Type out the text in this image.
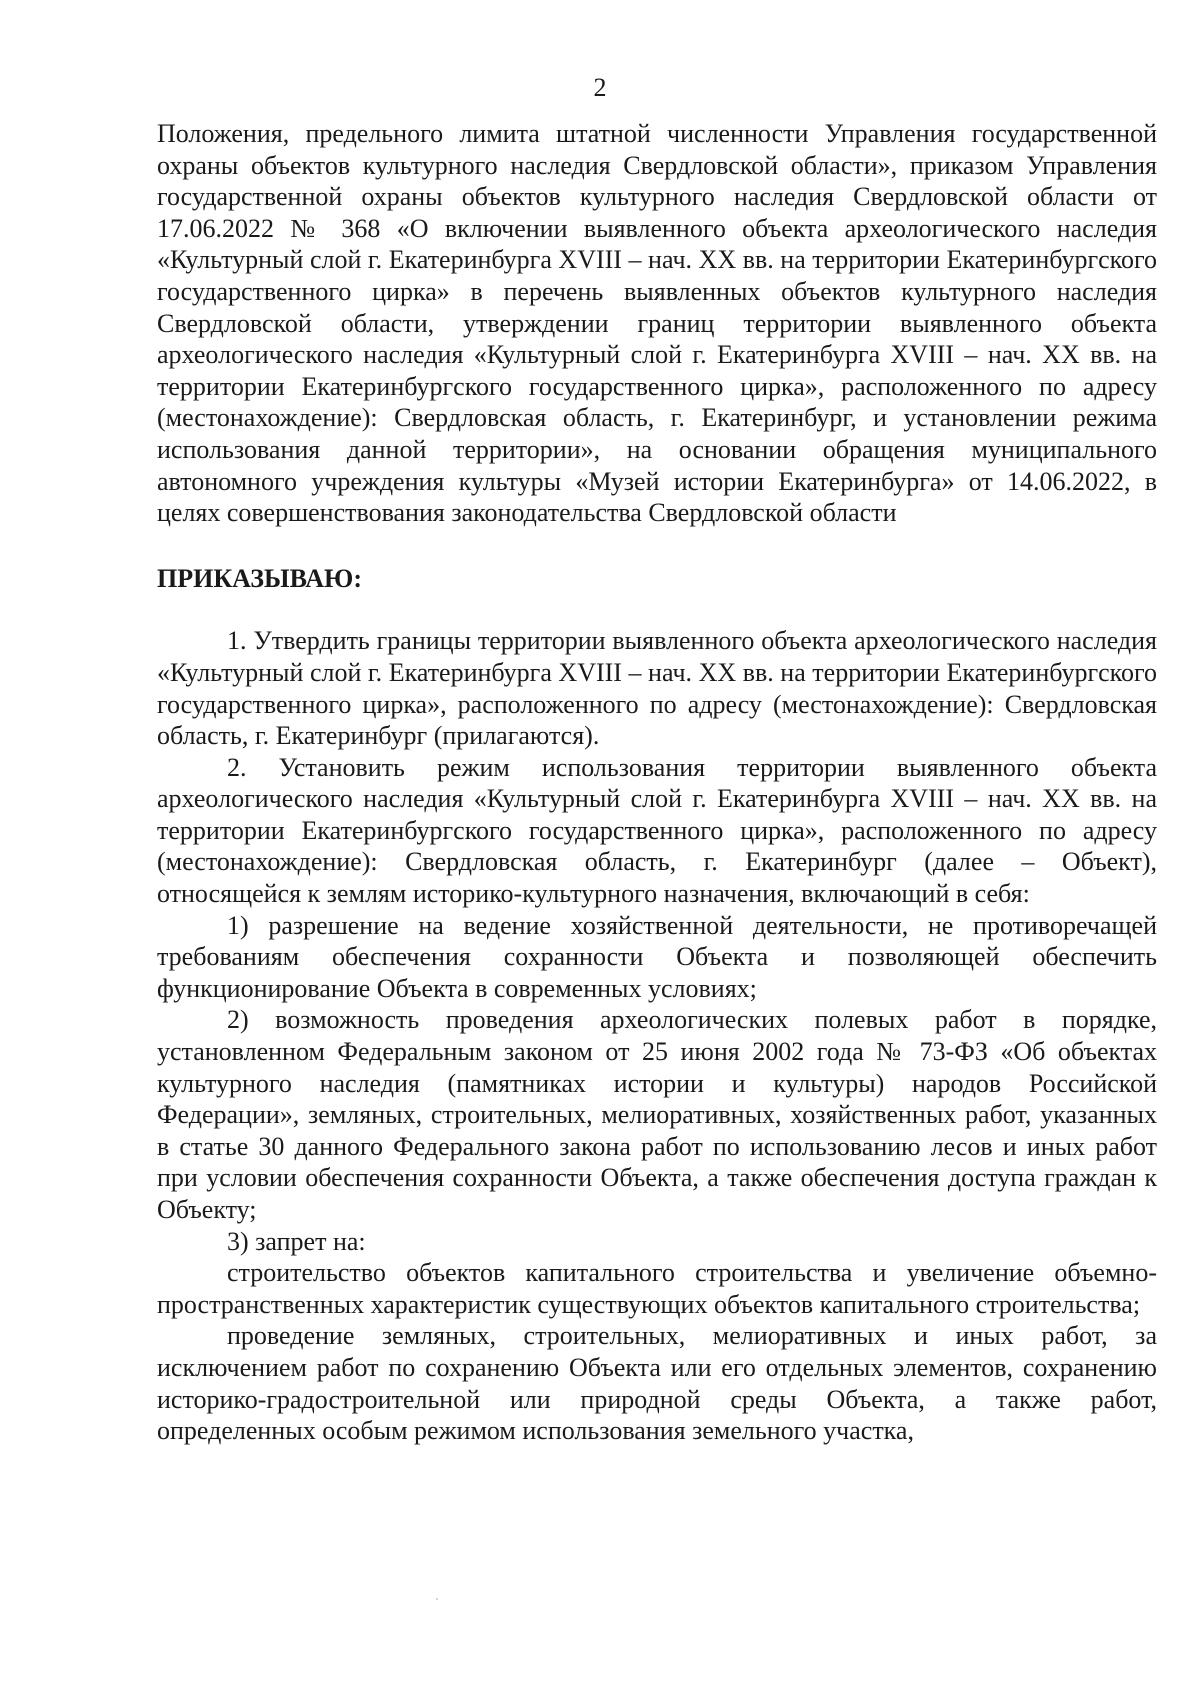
2

Положения, предельного лимита штатной численности Управления государственной охраны объектов культурного наследия Свердловской области», приказом Управления государственной охраны объектов культурного наследия Свердловской области от 17.06.2022 № 368 «О включении выявленного объекта археологического наследия «Культурный слой г. Екатеринбурга XVIII – нач. XX вв. на территории Екатеринбургского государственного цирка» в перечень выявленных объектов культурного наследия Свердловской области, утверждении границ территории выявленного объекта археологического наследия «Культурный слой г. Екатеринбурга XVIII – нач. XX вв. на территории Екатеринбургского государственного цирка», расположенного по адресу (местонахождение): Свердловская область, г. Екатеринбург, и установлении режима использования данной территории», на основании обращения муниципального автономного учреждения культуры «Музей истории Екатеринбурга» от 14.06.2022, в целях совершенствования законодательства Свердловской области

ПРИКАЗЫВАЮ:

1. Утвердить границы территории выявленного объекта археологического наследия «Культурный слой г. Екатеринбурга XVIII – нач. XX вв. на территории Екатеринбургского государственного цирка», расположенного по адресу (местонахождение): Свердловская область, г. Екатеринбург (прилагаются).

2. Установить режим использования территории выявленного объекта археологического наследия «Культурный слой г. Екатеринбурга XVIII – нач. XX вв. на территории Екатеринбургского государственного цирка», расположенного по адресу (местонахождение): Свердловская область, г. Екатеринбург (далее – Объект), относящейся к землям историко-культурного назначения, включающий в себя:

1) разрешение на ведение хозяйственной деятельности, не противоречащей требованиям обеспечения сохранности Объекта и позволяющей обеспечить функционирование Объекта в современных условиях;

2) возможность проведения археологических полевых работ в порядке, установленном Федеральным законом от 25 июня 2002 года № 73-ФЗ «Об объектах культурного наследия (памятниках истории и культуры) народов Российской Федерации», земляных, строительных, мелиоративных, хозяйственных работ, указанных в статье 30 данного Федерального закона работ по использованию лесов и иных работ при условии обеспечения сохранности Объекта, а также обеспечения доступа граждан к Объекту;

3) запрет на:

строительство объектов капитального строительства и увеличение объемно-пространственных характеристик существующих объектов капитального строительства;

проведение земляных, строительных, мелиоративных и иных работ, за исключением работ по сохранению Объекта или его отдельных элементов, сохранению историко-градостроительной или природной среды Объекта, а также работ, определенных особым режимом использования земельного участка,
